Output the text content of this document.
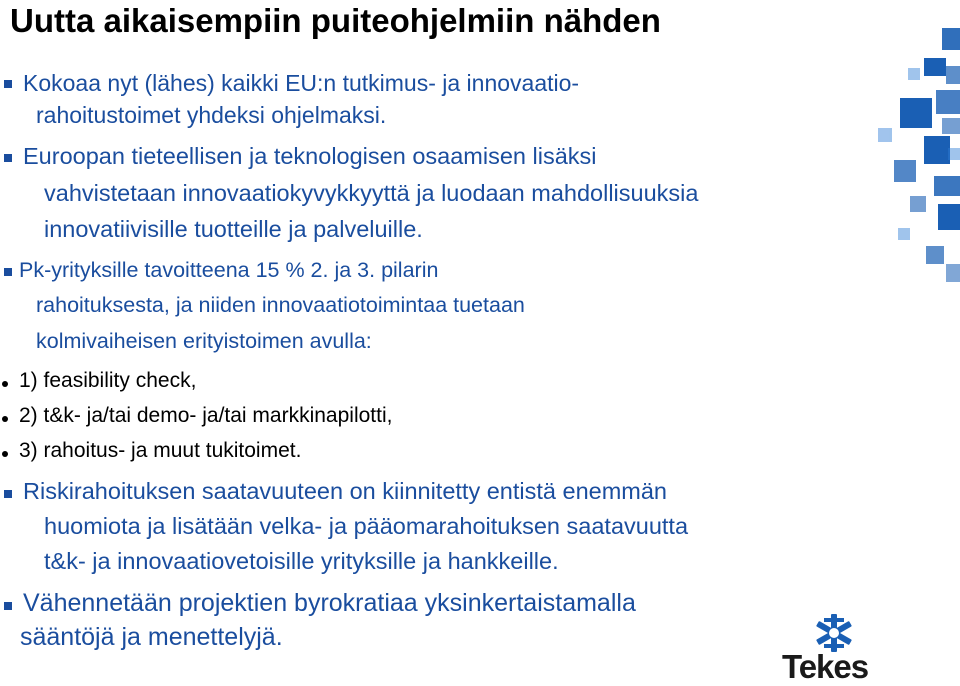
Uutta aikaisempiin puiteohjelmiin nähden
Kokoaa nyt (lähes) kaikki EU:n tutkimus- ja innovaatio-
rahoitustoimet yhdeksi ohjelmaksi.
Euroopan tieteellisen ja teknologisen osaamisen lisäksi
vahvistetaan innovaatiokyvykkyyttä ja luodaan mahdollisuuksia
innovatiivisille tuotteille ja palveluille.
Pk-yrityksille tavoitteena 15 % 2. ja 3. pilarin
rahoituksesta, ja niiden innovaatiotoimintaa tuetaan
kolmivaiheisen erityistoimen avulla:
1) feasibility check,
2) t&k- ja/tai demo- ja/tai markkinapilotti,
3) rahoitus- ja muut tukitoimet.
Riskirahoituksen saatavuuteen on kiinnitetty entistä enemmän
huomiota ja lisätään velka- ja pääomarahoituksen saatavuutta
t&k- ja innovaatiovetoisille yrityksille ja hankkeille.
Vähennetään projektien byrokratiaa yksinkertaistamalla
sääntöjä ja menettelyjä.
Tekes
